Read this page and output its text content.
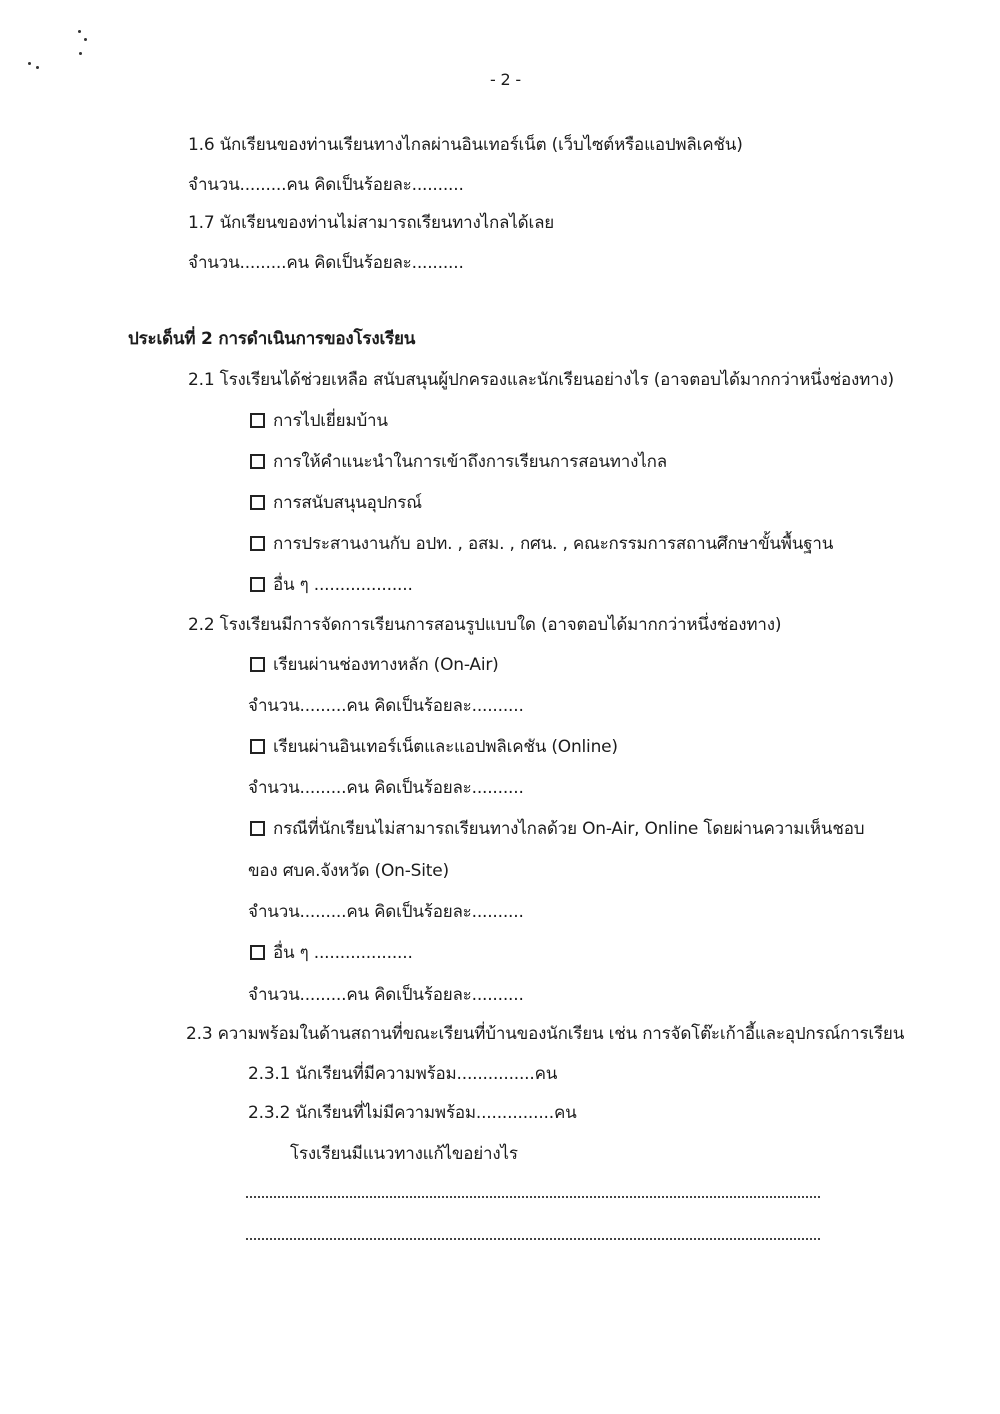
- 2 -
1.6 นักเรียนของท่านเรียนทางไกลผ่านอินเทอร์เน็ต (เว็บไซต์หรือแอปพลิเคชัน)
จำนวน.........คน คิดเป็นร้อยละ..........
1.7 นักเรียนของท่านไม่สามารถเรียนทางไกลได้เลย
จำนวน.........คน คิดเป็นร้อยละ..........
ประเด็นที่ 2 การดำเนินการของโรงเรียน
2.1 โรงเรียนได้ช่วยเหลือ สนับสนุนผู้ปกครองและนักเรียนอย่างไร (อาจตอบได้มากกว่าหนึ่งช่องทาง)
การไปเยี่ยมบ้าน
การให้คำแนะนำในการเข้าถึงการเรียนการสอนทางไกล
การสนับสนุนอุปกรณ์
การประสานงานกับ อปท. , อสม. , กศน. , คณะกรรมการสถานศึกษาขั้นพื้นฐาน
อื่น ๆ ...................
2.2 โรงเรียนมีการจัดการเรียนการสอนรูปแบบใด (อาจตอบได้มากกว่าหนึ่งช่องทาง)
เรียนผ่านช่องทางหลัก (On-Air)
จำนวน.........คน คิดเป็นร้อยละ..........
เรียนผ่านอินเทอร์เน็ตและแอปพลิเคชัน (Online)
จำนวน.........คน คิดเป็นร้อยละ..........
กรณีที่นักเรียนไม่สามารถเรียนทางไกลด้วย On-Air, Online โดยผ่านความเห็นชอบ
ของ ศบค.จังหวัด (On-Site)
จำนวน.........คน คิดเป็นร้อยละ..........
อื่น ๆ ...................
จำนวน.........คน คิดเป็นร้อยละ..........
2.3 ความพร้อมในด้านสถานที่ขณะเรียนที่บ้านของนักเรียน เช่น การจัดโต๊ะเก้าอี้และอุปกรณ์การเรียน
2.3.1 นักเรียนที่มีความพร้อม...............คน
2.3.2 นักเรียนที่ไม่มีความพร้อม...............คน
โรงเรียนมีแนวทางแก้ไขอย่างไร
